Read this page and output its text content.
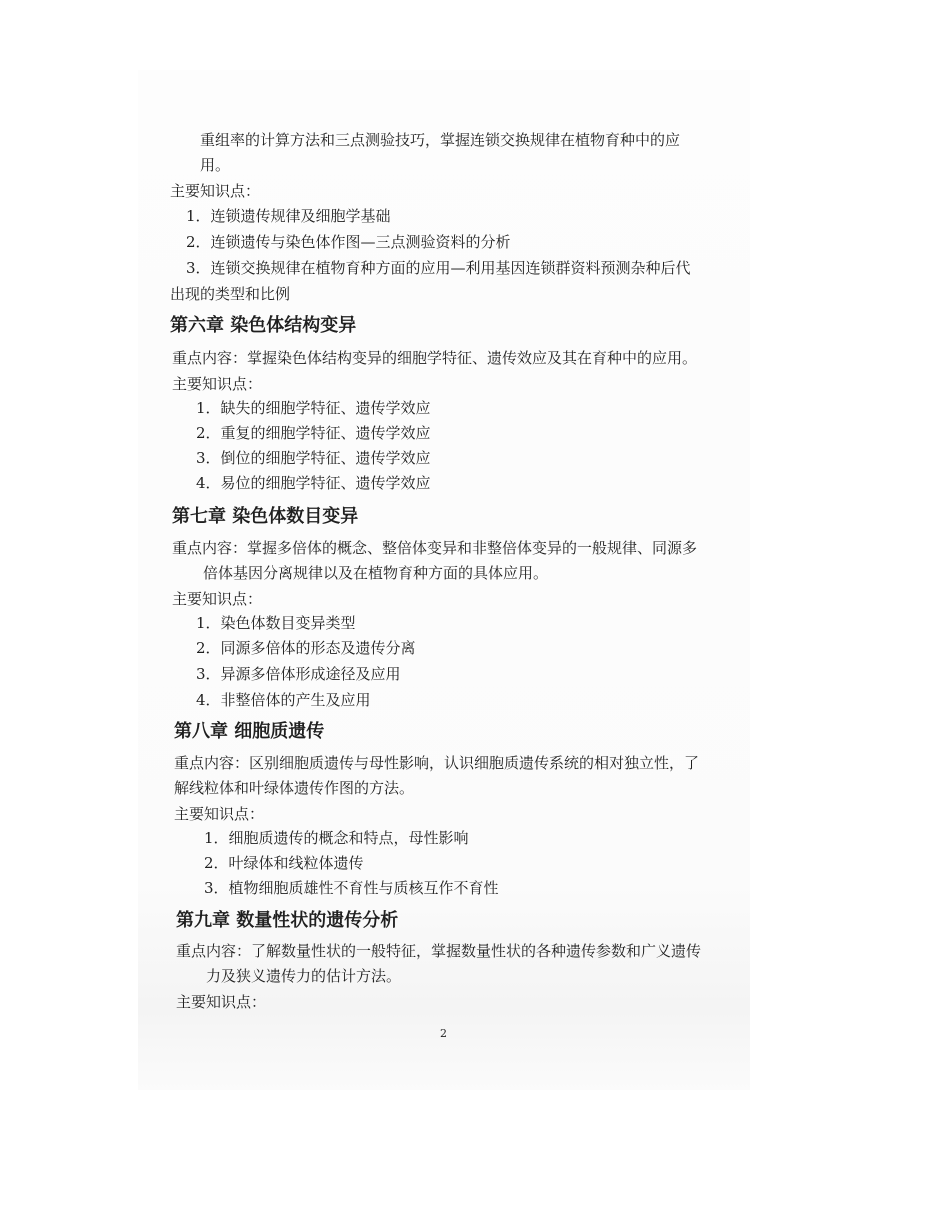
重组率的计算方法和三点测验技巧，掌握连锁交换规律在植物育种中的应
用。
主要知识点：
1．连锁遗传规律及细胞学基础
2．连锁遗传与染色体作图—三点测验资料的分析
3．连锁交换规律在植物育种方面的应用—利用基因连锁群资料预测杂种后代
出现的类型和比例
第六章 染色体结构变异
重点内容：掌握染色体结构变异的细胞学特征、遗传效应及其在育种中的应用。
主要知识点：
1．缺失的细胞学特征、遗传学效应
2．重复的细胞学特征、遗传学效应
3．倒位的细胞学特征、遗传学效应
4．易位的细胞学特征、遗传学效应
第七章 染色体数目变异
重点内容：掌握多倍体的概念、整倍体变异和非整倍体变异的一般规律、同源多
倍体基因分离规律以及在植物育种方面的具体应用。
主要知识点：
1．染色体数目变异类型
2．同源多倍体的形态及遗传分离
3．异源多倍体形成途径及应用
4．非整倍体的产生及应用
第八章 细胞质遗传
重点内容：区别细胞质遗传与母性影响，认识细胞质遗传系统的相对独立性，了
解线粒体和叶绿体遗传作图的方法。
主要知识点：
1．细胞质遗传的概念和特点，母性影响
2．叶绿体和线粒体遗传
3．植物细胞质雄性不育性与质核互作不育性
第九章 数量性状的遗传分析
重点内容：了解数量性状的一般特征，掌握数量性状的各种遗传参数和广义遗传
力及狭义遗传力的估计方法。
主要知识点：
2
